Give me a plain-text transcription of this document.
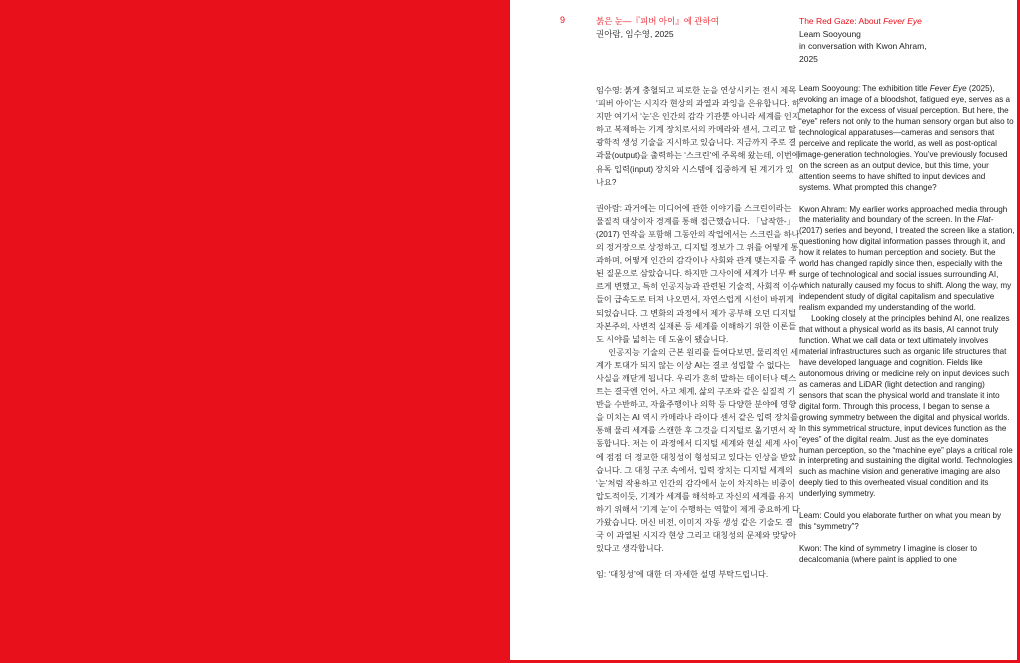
9	붉은 눈—『피버 아이』에 관하여
권아람, 임수영, 2025
The Red Gaze: About Fever Eye
Leam Sooyoung
in conversation with Kwon Ahram,
2025

임수영: 붉게 충혈되고 피로한 눈을 연상시키는 전시 제목 ‘피버 아이’는 시지각 현상의 과열과 과잉을 은유합니다. 하지만 여기서 ‘눈’은 인간의 감각 기관뿐 아니라 세계를 인지하고 복제하는 기계 장치로서의 카메라와 센서, 그리고 탈광학적 생성 기술을 지시하고 있습니다. 지금까지 주로 결과물(output)을 출력하는 ‘스크린’에 주목해 왔는데, 이번에 유독 입력(input) 장치와 시스템에 집중하게 된 계기가 있나요?

권아람: 과거에는 미디어에 관한 이야기를 스크린이라는 물질적 대상이자 경계를 통해 접근했습니다. 「납작한-」(2017) 연작을 포함해 그동안의 작업에서는 스크린을 하나의 정거장으로 상정하고, 디지털 정보가 그 위를 어떻게 통과하며, 어떻게 인간의 감각이나 사회와 관계 맺는지를 주된 질문으로 삼았습니다. 하지만 그사이에 세계가 너무 빠르게 변했고, 특히 인공지능과 관련된 기술적, 사회적 이슈들이 급속도로 터져 나오면서, 자연스럽게 시선이 바뀌게 되었습니다. 그 변화의 과정에서 제가 공부해 오던 디지털 자본주의, 사변적 실재론 등 세계를 이해하기 위한 이론들도 시야를 넓히는 데 도움이 됐습니다.

인공지능 기술의 근본 원리를 들여다보면, 물리적인 세계가 토대가 되지 않는 이상 AI는 결코 성립할 수 없다는 사실을 깨닫게 됩니다. 우리가 흔히 말하는 데이터나 텍스트는 결국엔 언어, 사고 체계, 삶의 구조와 같은 실질적 기반을 수반하고, 자율주행이나 의학 등 다양한 분야에 영향을 미치는 AI 역시 카메라나 라이다 센서 같은 입력 장치를 통해 물리 세계를 스캔한 후 그것을 디지털로 옮기면서 작동합니다. 저는 이 과정에서 디지털 세계와 현실 세계 사이에 점점 더 정교한 대칭성이 형성되고 있다는 인상을 받았습니다. 그 대칭 구조 속에서, 입력 장치는 디지털 세계의 ‘눈’처럼 작용하고 인간의 감각에서 눈이 차지하는 비중이 압도적이듯, 기계가 세계를 해석하고 자신의 세계를 유지하기 위해서 ‘기계 눈’이 수행하는 역할이 제게 중요하게 다가왔습니다. 머신 비전, 이미지 자동 생성 같은 기술도 결국 이 과열된 시지각 현상 그리고 대칭성의 문제와 맞닿아 있다고 생각합니다.

임: ‘대칭성’에 대한 더 자세한 설명 부탁드립니다.

Leam Sooyoung: The exhibition title Fever Eye (2025), evoking an image of a bloodshot, fatigued eye, serves as a metaphor for the excess of visual perception. But here, the “eye” refers not only to the human sensory organ but also to technological apparatuses—cameras and sensors that perceive and replicate the world, as well as post-optical image-generation technologies. You’ve previously focused on the screen as an output device, but this time, your attention seems to have shifted to input devices and systems. What prompted this change?

Kwon Ahram: My earlier works approached media through the materiality and boundary of the screen. In the Flat- (2017) series and beyond, I treated the screen like a station, questioning how digital information passes through it, and how it relates to human perception and society. But the world has changed rapidly since then, especially with the surge of technological and social issues surrounding AI, which naturally caused my focus to shift. Along the way, my independent study of digital capitalism and speculative realism expanded my understanding of the world.

Looking closely at the principles behind AI, one realizes that without a physical world as its basis, AI cannot truly function. What we call data or text ultimately involves material infrastructures such as organic life structures that have developed language and cognition. Fields like autonomous driving or medicine rely on input devices such as cameras and LiDAR (light detection and ranging) sensors that scan the physical world and translate it into digital form. Through this process, I began to sense a growing symmetry between the digital and physical worlds. In this symmetrical structure, input devices function as the “eyes” of the digital realm. Just as the eye dominates human perception, so the “machine eye” plays a critical role in interpreting and sustaining the digital world. Technologies such as machine vision and generative imaging are also deeply tied to this overheated visual condition and its underlying symmetry.

Leam: Could you elaborate further on what you mean by this “symmetry”?

Kwon: The kind of symmetry I imagine is closer to decalcomania (where paint is applied to one
